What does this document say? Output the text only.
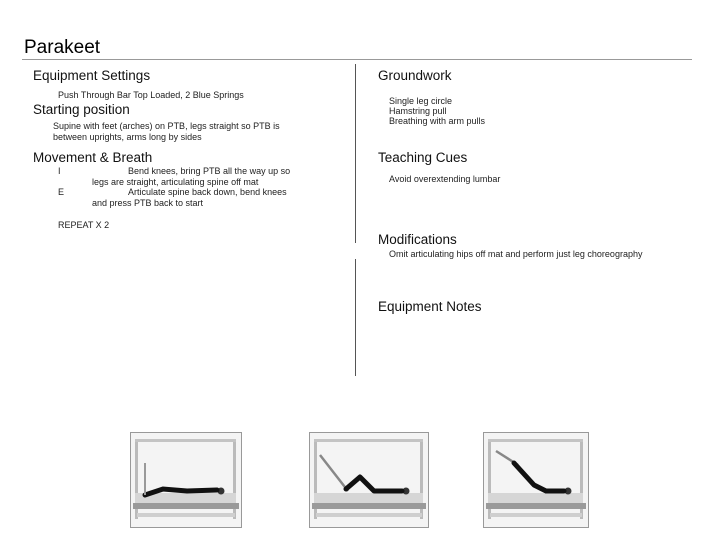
Parakeet
Equipment Settings
Push Through Bar Top Loaded, 2 Blue Springs
Starting position
Supine with feet (arches) on PTB, legs straight so PTB is
between uprights, arms long by sides
Movement & Breath
I	Bend knees, bring PTB all the way up so
legs are straight, articulating spine off mat
E	Articulate spine back down, bend knees
and press PTB back to start
REPEAT X 2
Groundwork
Single leg circle
Hamstring pull
Breathing with arm pulls
Teaching Cues
Avoid overextending lumbar
Modifications
Omit articulating hips off mat and perform just leg choreography
Equipment Notes
